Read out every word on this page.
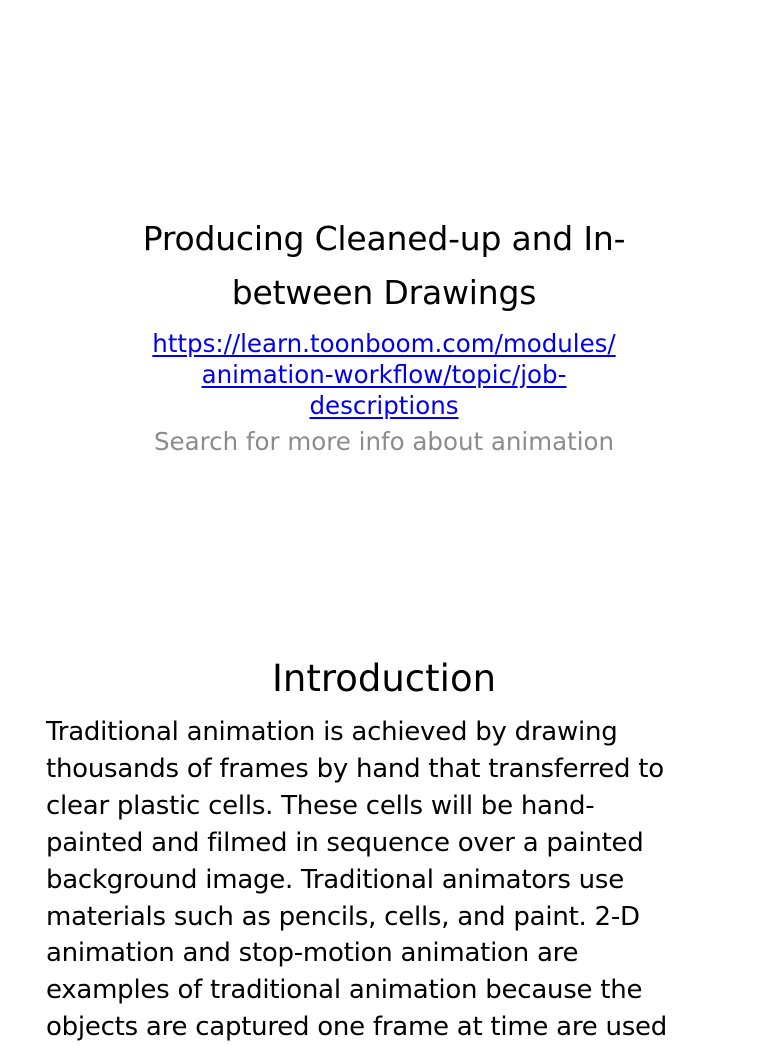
Producing Cleaned-up and In-
between Drawings
https://learn.toonboom.com/modules/
animation-workflow/topic/job-
descriptions
Search for more info about animation
Introduction
Traditional animation is achieved by drawing
thousands of frames by hand that transferred to
clear plastic cells. These cells will be hand-
painted and filmed in sequence over a painted
background image. Traditional animators use
materials such as pencils, cells, and paint. 2-D
animation and stop-motion animation are
examples of traditional animation because the
objects are captured one frame at time are used
